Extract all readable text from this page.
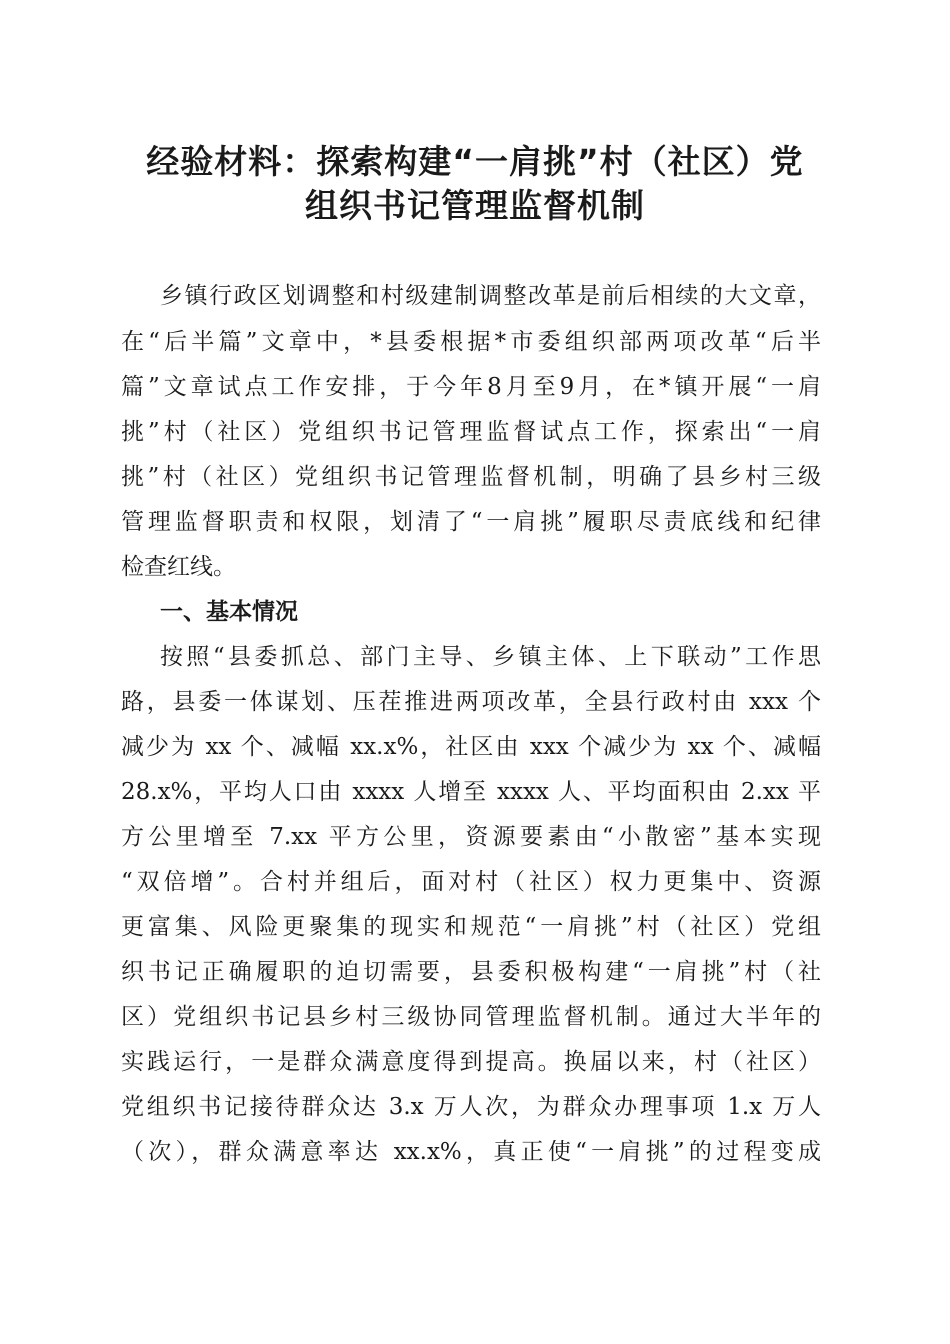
经验材料：探索构建“一肩挑”村（社区）党
组织书记管理监督机制

乡镇行政区划调整和村级建制调整改革是前后相续的大文章，

在“后半篇”文章中，*县委根据*市委组织部两项改革“后半

篇”文章试点工作安排，于今年8月至9月，在*镇开展“一肩

挑”村（社区）党组织书记管理监督试点工作，探索出“一肩

挑”村（社区）党组织书记管理监督机制，明确了县乡村三级

管理监督职责和权限，划清了“一肩挑”履职尽责底线和纪律

检查红线。

一、基本情况

按照“县委抓总、部门主导、乡镇主体、上下联动”工作思

路，县委一体谋划、压茬推进两项改革，全县行政村由 xxx 个

减少为 xx 个、减幅 xx.x%，社区由 xxx 个减少为 xx 个、减幅

28.x%，平均人口由 xxxx 人增至 xxxx 人、平均面积由 2.xx 平

方公里增至 7.xx 平方公里，资源要素由“小散密”基本实现

“双倍增”。合村并组后，面对村（社区）权力更集中、资源

更富集、风险更聚集的现实和规范“一肩挑”村（社区）党组

织书记正确履职的迫切需要，县委积极构建“一肩挑”村（社

区）党组织书记县乡村三级协同管理监督机制。通过大半年的

实践运行，一是群众满意度得到提高。换届以来，村（社区）

党组织书记接待群众达 3.x 万人次，为群众办理事项 1.x 万人

（次），群众满意率达 xx.x%，真正使“一肩挑”的过程变成
